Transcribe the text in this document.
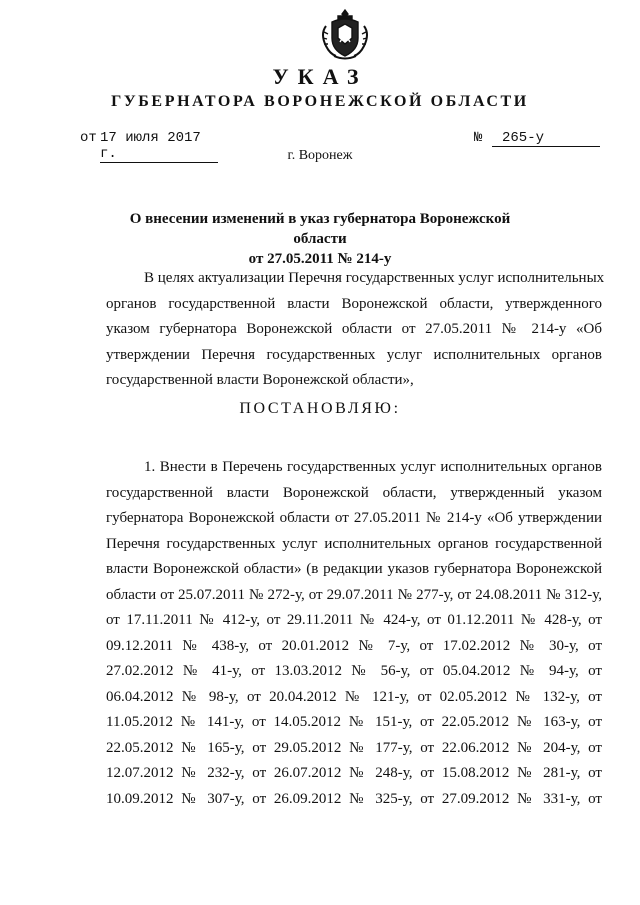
УКАЗ
ГУБЕРНАТОРА ВОРОНЕЖСКОЙ ОБЛАСТИ
от 17 июля 2017 г.
№	265-у
г. Воронеж
О внесении изменений в указ губернатора Воронежской области
от 27.05.2011 № 214-у
В целях актуализации Перечня государственных услуг исполнительных
органов государственной власти Воронежской области, утвержденного
указом губернатора Воронежской области от 27.05.2011 № 214-у «Об
утверждении Перечня государственных услуг исполнительных органов
государственной власти Воронежской области»,
ПОСТАНОВЛЯЮ:
1. Внести в Перечень государственных услуг исполнительных органов
государственной власти Воронежской области, утвержденный указом
губернатора Воронежской области от 27.05.2011 № 214-у «Об утверждении
Перечня государственных услуг исполнительных органов государственной
власти Воронежской области» (в редакции указов губернатора Воронежской
области от 25.07.2011 № 272-у, от 29.07.2011 № 277-у, от 24.08.2011 № 312-у,
от 17.11.2011 № 412-у, от 29.11.2011 № 424-у, от 01.12.2011 № 428-у, от
09.12.2011 № 438-у, от 20.01.2012 № 7-у, от 17.02.2012 № 30-у, от
27.02.2012 № 41-у, от 13.03.2012 № 56-у, от 05.04.2012 № 94-у, от
06.04.2012 № 98-у, от 20.04.2012 № 121-у, от 02.05.2012 № 132-у, от
11.05.2012 № 141-у, от 14.05.2012 № 151-у, от 22.05.2012 № 163-у, от
22.05.2012 № 165-у, от 29.05.2012 № 177-у, от 22.06.2012 № 204-у, от
12.07.2012 № 232-у, от 26.07.2012 № 248-у, от 15.08.2012 № 281-у, от
10.09.2012 № 307-у, от 26.09.2012 № 325-у, от 27.09.2012 № 331-у, от
